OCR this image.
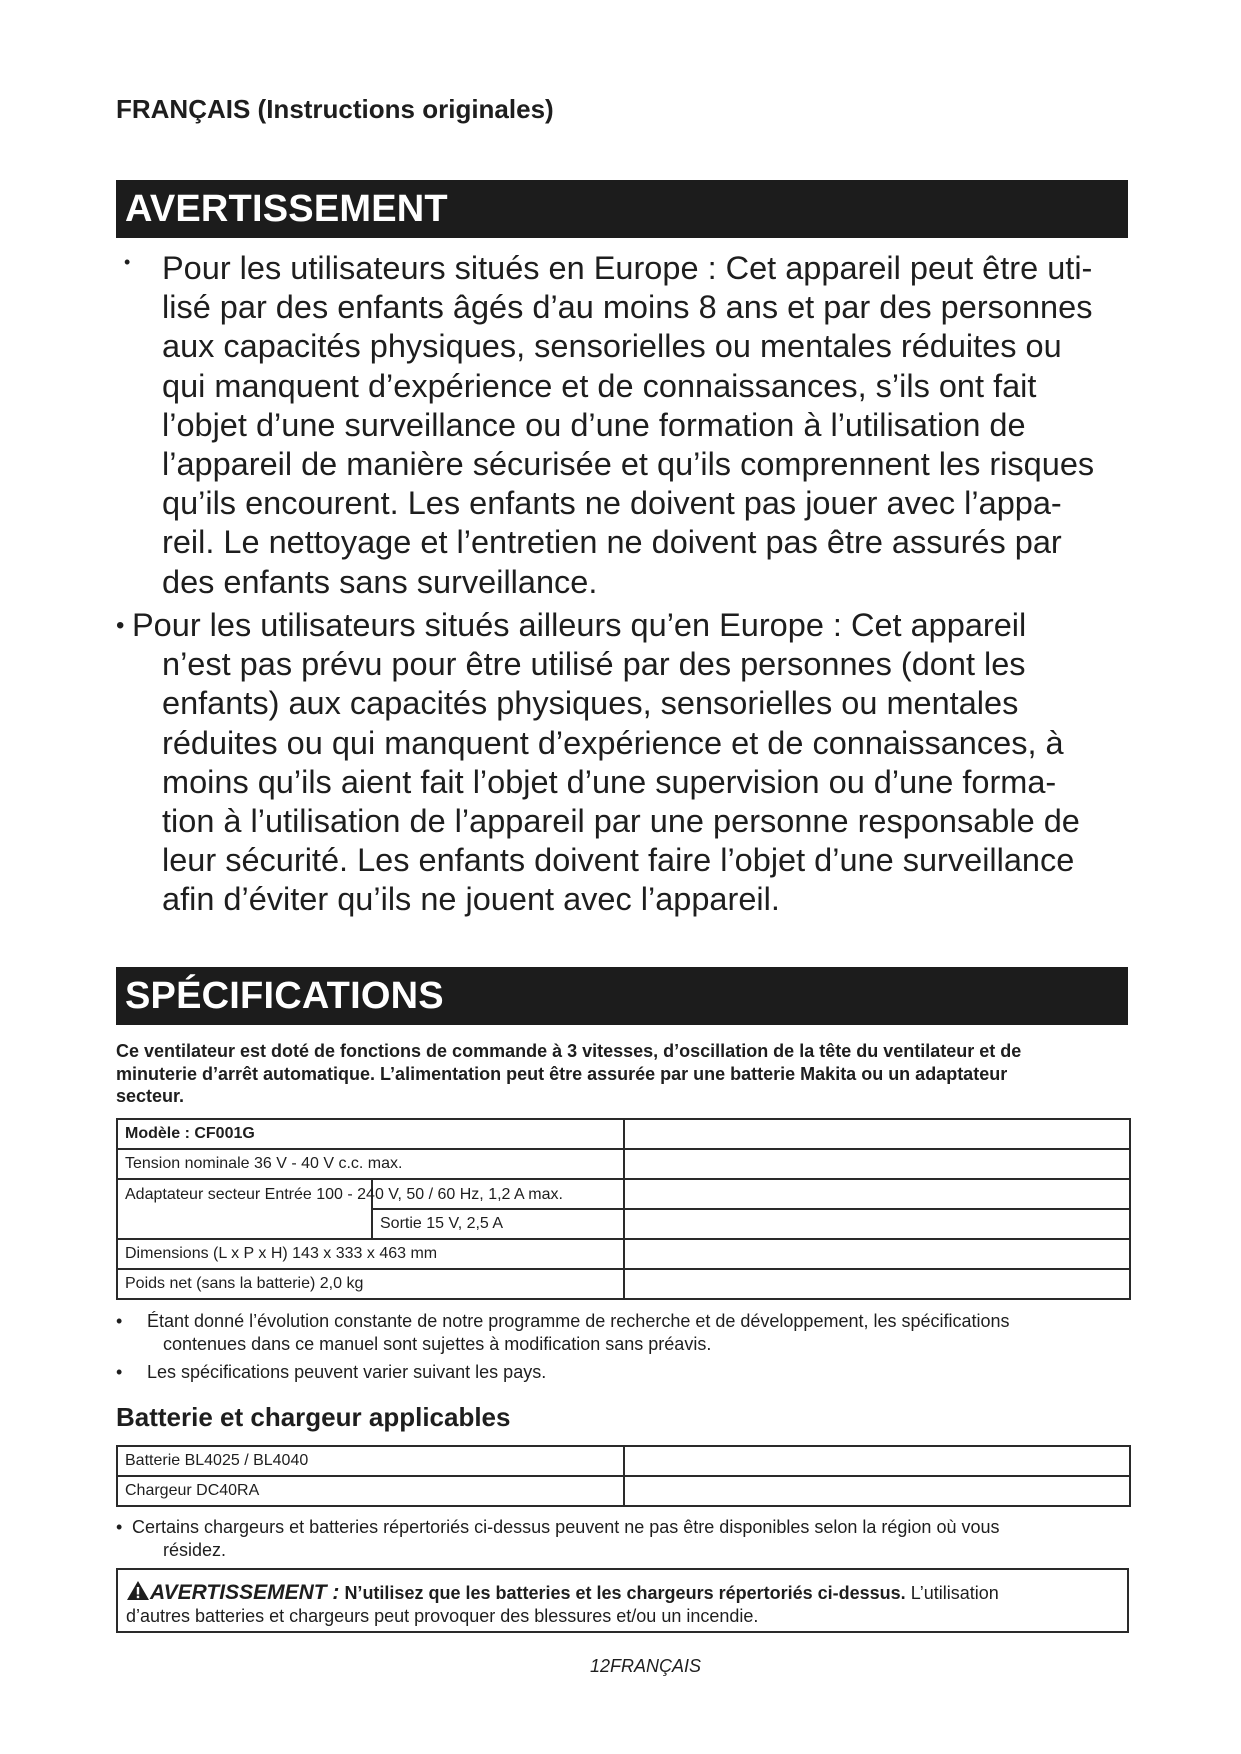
FRANÇAIS (Instructions originales)
AVERTISSEMENT
• Pour les utilisateurs situés en Europe : Cet appareil peut être uti-
lisé par des enfants âgés d’au moins 8 ans et par des personnes
aux capacités physiques, sensorielles ou mentales réduites ou
qui manquent d’expérience et de connaissances, s’ils ont fait
l’objet d’une surveillance ou d’une formation à l’utilisation de
l’appareil de manière sécurisée et qu’ils comprennent les risques
qu’ils encourent. Les enfants ne doivent pas jouer avec l’appa-
reil. Le nettoyage et l’entretien ne doivent pas être assurés par
des enfants sans surveillance.
• Pour les utilisateurs situés ailleurs qu’en Europe : Cet appareil
n’est pas prévu pour être utilisé par des personnes (dont les
enfants) aux capacités physiques, sensorielles ou mentales
réduites ou qui manquent d’expérience et de connaissances, à
moins qu’ils aient fait l’objet d’une supervision ou d’une forma-
tion à l’utilisation de l’appareil par une personne responsable de
leur sécurité. Les enfants doivent faire l’objet d’une surveillance
afin d’éviter qu’ils ne jouent avec l’appareil.
SPÉCIFICATIONS
Ce ventilateur est doté de fonctions de commande à 3 vitesses, d’oscillation de la tête du ventilateur et de
minuterie d’arrêt automatique. L’alimentation peut être assurée par une batterie Makita ou un adaptateur
secteur.
Modèle : CF001G		
Tension nominale 36 V - 40 V c.c. max.		
Adaptateur secteur Entrée 100 - 240 V, 50 / 60 Hz, 1,2 A max.		
	Sortie 15 V, 2,5 A	
Dimensions (L x P x H) 143 x 333 x 463 mm		
Poids net (sans la batterie) 2,0 kg		
•	Étant donné l’évolution constante de notre programme de recherche et de développement, les spécifications
contenues dans ce manuel sont sujettes à modification sans préavis.
•	Les spécifications peuvent varier suivant les pays.
Batterie et chargeur applicables
Batterie BL4025 / BL4040	
Chargeur DC40RA	
• Certains chargeurs et batteries répertoriés ci-dessus peuvent ne pas être disponibles selon la région où vous
résidez.
AVERTISSEMENT : N’utilisez que les batteries et les chargeurs répertoriés ci-dessus. L’utilisation
d’autres batteries et chargeurs peut provoquer des blessures et/ou un incendie.
12FRANÇAIS
